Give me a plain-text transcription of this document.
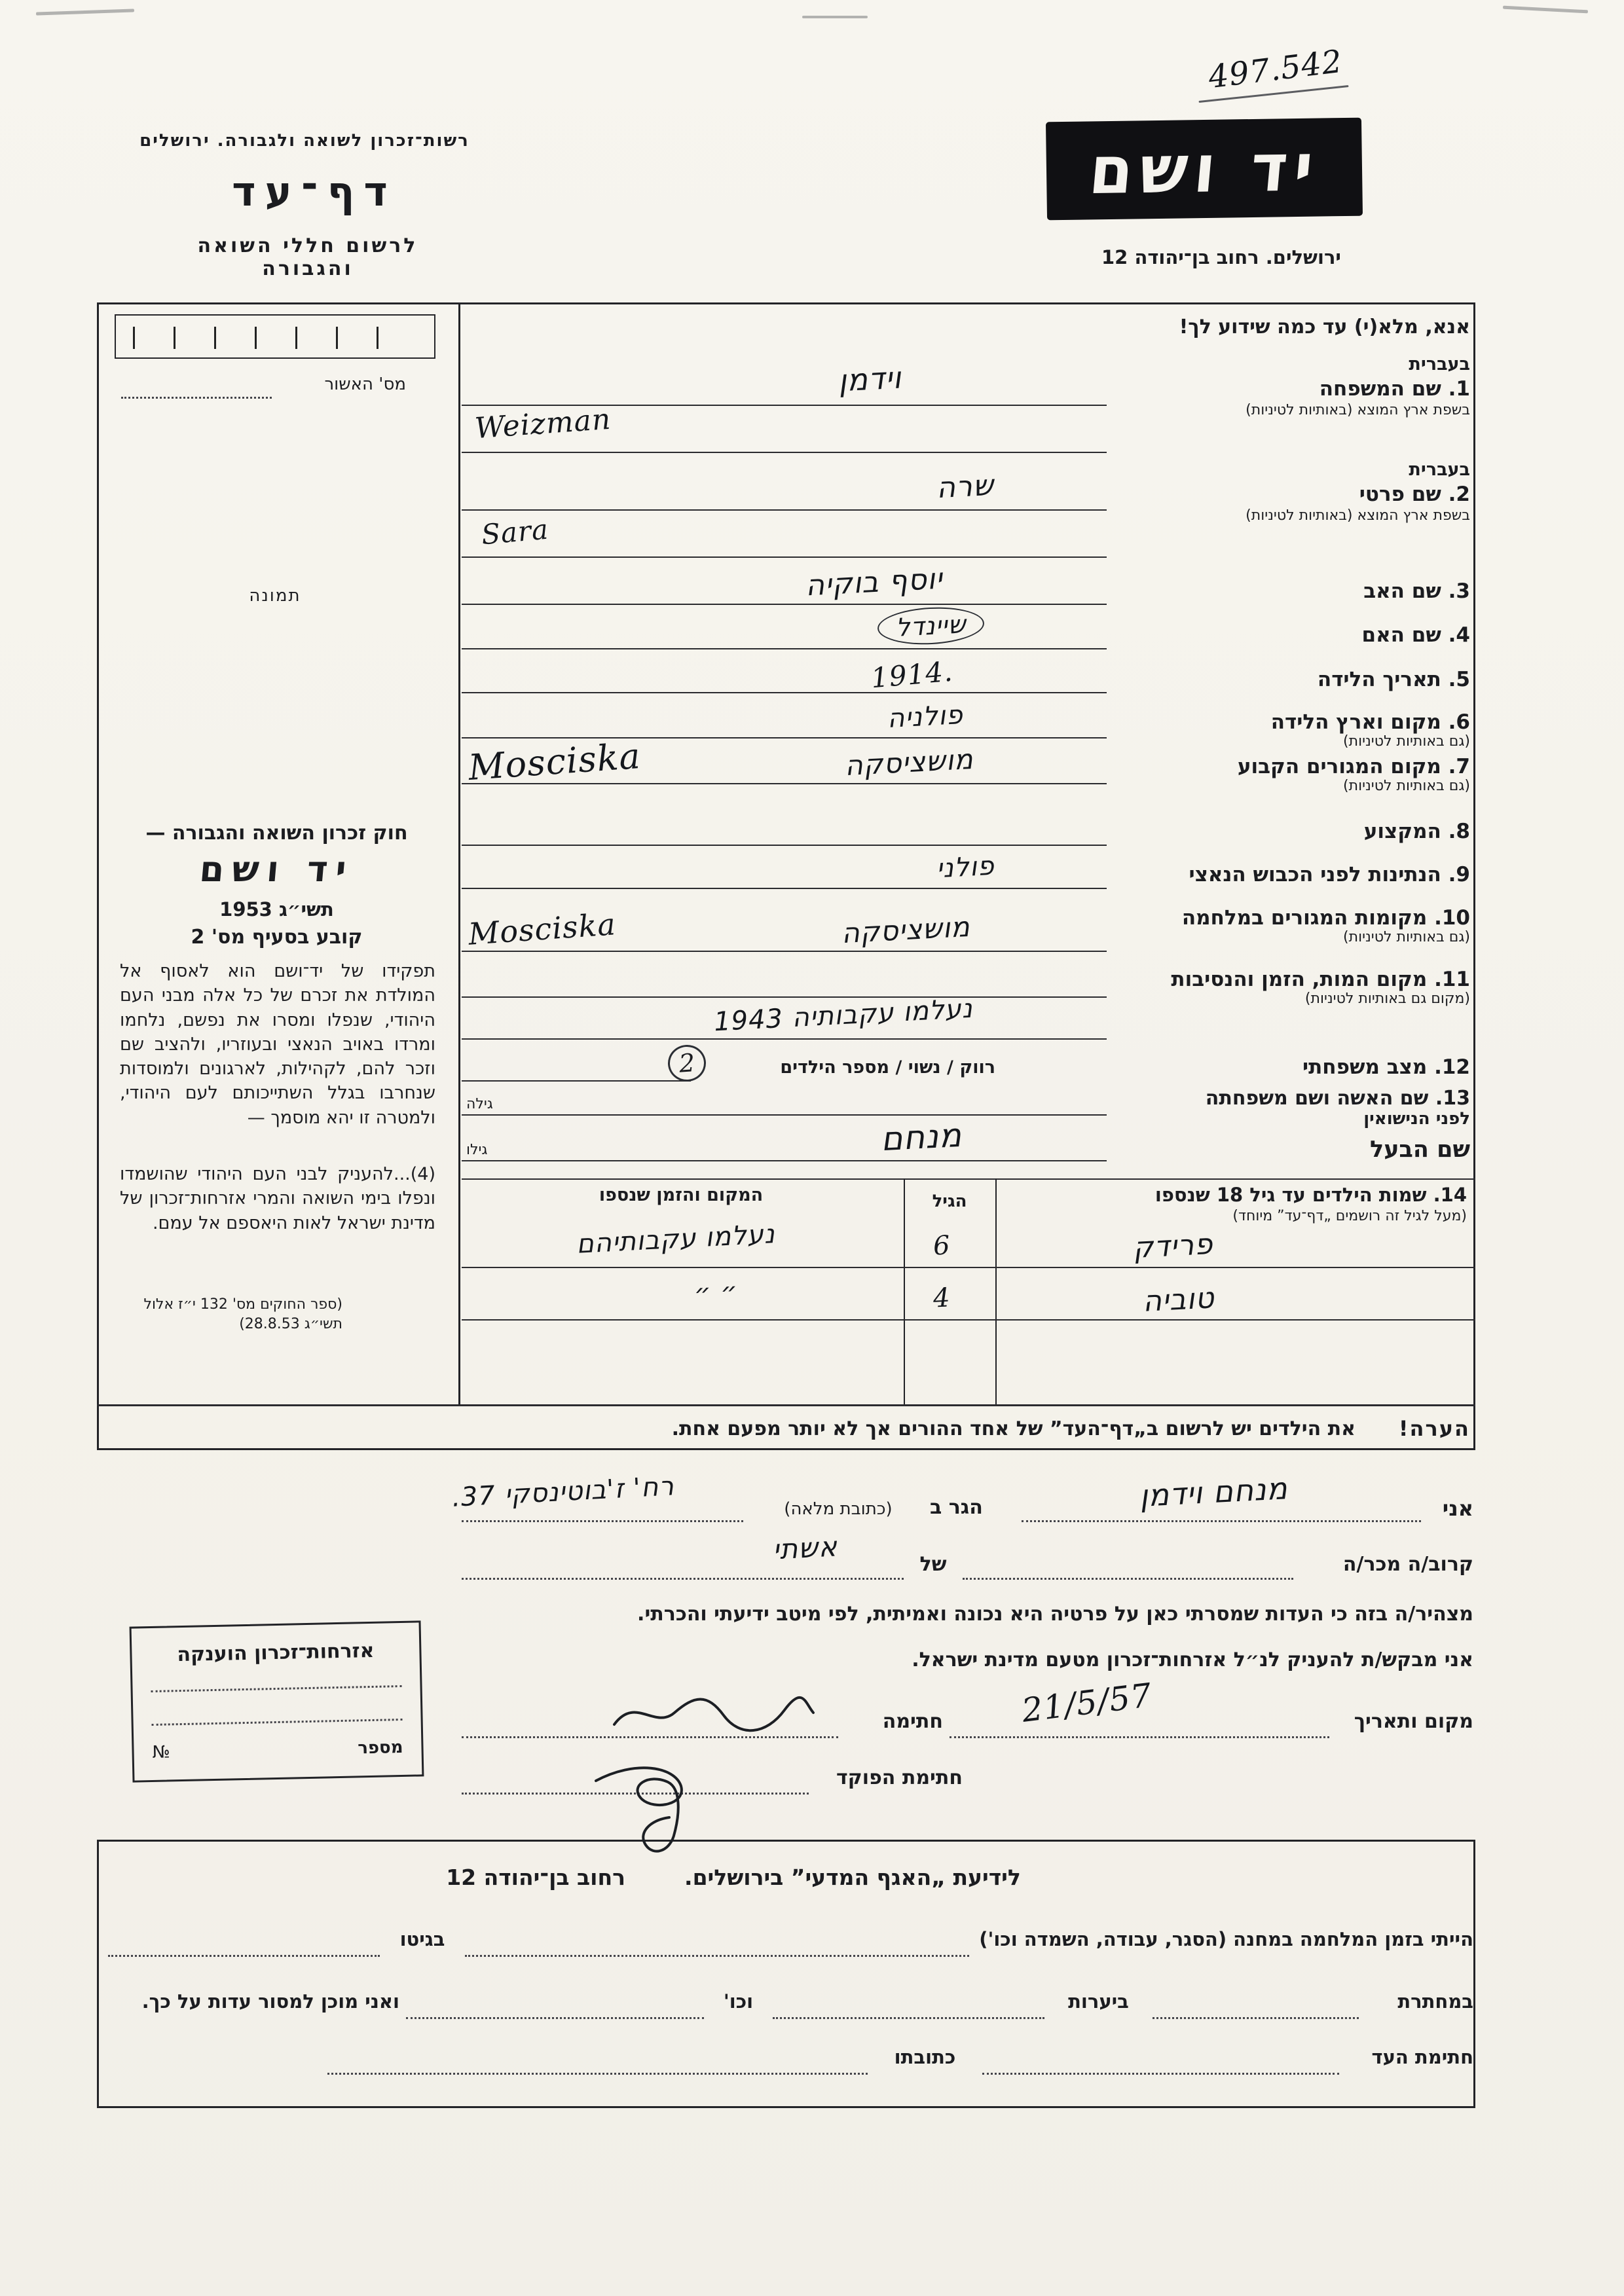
497.542
רשות־זכרון לשואה ולגבורה. ירושלים
דף־עד
לרשום חללי השואה והגבורה
יד ושם
ירושלים. רחוב בן־יהודה 12
מס' האשור
תמונה
חוק זכרון השואה והגבורה —
יד ושם
תשי״ג 1953
קובע בסעיף מס' 2
תפקידו של יד־ושם הוא לאסוף אל המולדת את זכרם של כל אלה מבני העם היהודי, שנפלו ומסרו את נפשם, נלחמו ומרדו באויב הנאצי ובעוזריו, ולהציב שם וזכר להם, לקהילות, לארגונים ולמוסדות שנחרבו בגלל השתייכותם לעם היהודי, ולמטרה זו יהא מוסמך —
(4)...להעניק לבני העם היהודי שהושמדו ונפלו בימי השואה והמרי אזרחות־זכרון של מדינת ישראל לאות היאספם אל עמם.
(ספר החוקים מס' 132 י״ז אלול תשי״ג 28.8.53)
אנא, מלא(י) עד כמה שידוע לך!
בעברית
1. שם המשפחה
בשפת ארץ המוצא (באותיות לטיניות)
וידמן
Weizman
בעברית
2. שם פרטי
בשפת ארץ המוצא (באותיות לטיניות)
שרה
Sara
3. שם האב
יוסף בוקיה
4. שם האם
שיינדל
5. תאריך הלידה
1914.
6. מקום וארץ הלידה
(גם באותיות לטיניות)
פולניה
7. מקום המגורים הקבוע
(גם באותיות לטיניות)
מושציסקה
Mosciska
8. המקצוע
9. הנתינות לפני הכבוש הנאצי
פולני
10. מקומות המגורים במלחמה
(גם באותיות לטיניות)
מושציסקה
Mosciska
11. מקום המות, הזמן והנסיבות
(מקום גם באותיות לטיניות)
נעלמו עקבותיה 1943
12. מצב משפחתי
רווק / נשוי / מספר הילדים
2
13. שם האשה ושם משפחתה
לפני הנישואין
גילה
שם הבעל
גילו	מנחם
14. שמות הילדים עד גיל 18 שנספו
(מעל לגיל זה רושמים „דף־עד” מיוחד)
המקום והזמן שנספו	הגיל
פרידק
6
נעלמו עקבותיהם
טוביה
4
״ ״
הערה!
את הילדים יש לרשום ב„דף־העד” של אחד ההורים אך לא יותר מפעם אחת.
אני
מנחם וידמן
הגר ב
(כתובת מלאה)
רח' ז'בוטינסקי 37.
קרוב/ה מכר/ה
של
אשתי
מצהיר/ה בזה כי העדות שמסרתי כאן על פרטיה היא נכונה ואמיתית, לפי מיטב ידיעתי והכרתי.
אני מבקש/ת להעניק לנ״ל אזרחות־זכרון מטעם מדינת ישראל.
מקום ותאריך
21/5/57
חתימה
חתימת הפוקד
אזרחות־זכרון הוענקה
מספר
№
לידיעת „האגף המדעי” בירושלים.
רחוב בן־יהודה 12
הייתי בזמן המלחמה במחנה (הסגר, עבודה, השמדה וכו')
בגיטו
במחתרת
ביערות
וכו'
ואני מוכן למסור עדות על כך.
חתימת העד
כתובתו
